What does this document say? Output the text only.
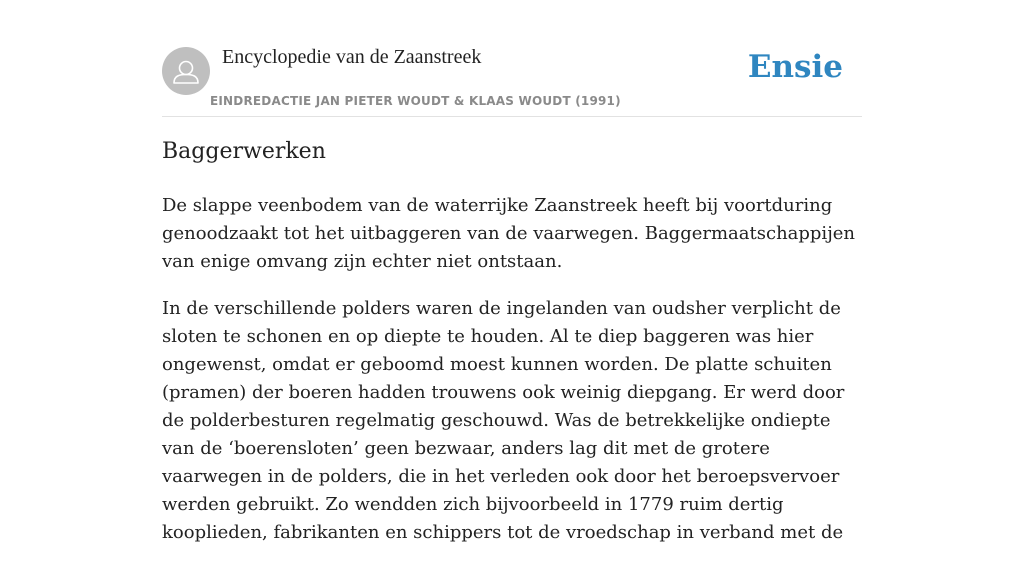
Encyclopedie van de Zaanstreek
EINDREDACTIE JAN PIETER WOUDT & KLAAS WOUDT (1991)
Ensie
Baggerwerken

De slappe veenbodem van de waterrijke Zaanstreek heeft bij voortduring genoodzaakt tot het uitbaggeren van de vaarwegen. Baggermaatschappijen van enige omvang zijn echter niet ontstaan.

In de verschillende polders waren de ingelanden van oudsher verplicht de sloten te schonen en op diepte te houden. Al te diep baggeren was hier ongewenst, omdat er geboomd moest kunnen worden. De platte schuiten (pramen) der boeren hadden trouwens ook weinig diepgang. Er werd door de polderbesturen regelmatig geschouwd. Was de betrekkelijke ondiepte van de ‘boerensloten’ geen bezwaar, anders lag dit met de grotere vaarwegen in de polders, die in het verleden ook door het beroepsvervoer werden gebruikt. Zo wendden zich bijvoorbeeld in 1779 ruim dertig kooplieden, fabrikanten en schippers tot de vroedschap in verband met de
